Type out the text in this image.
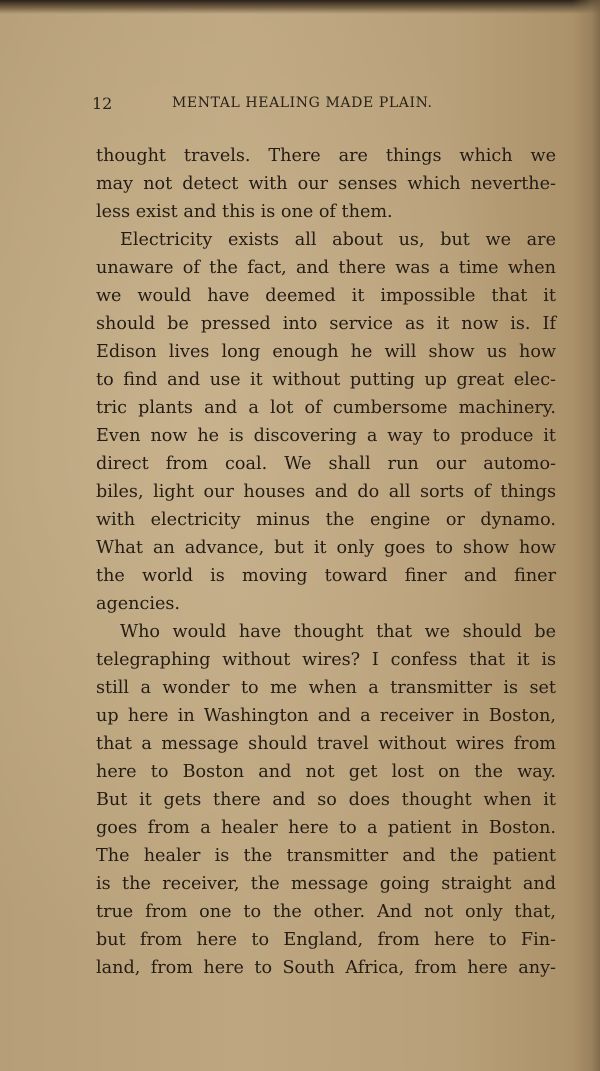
12	MENTAL HEALING MADE PLAIN.
thought travels. There are things which we
may not detect with our senses which neverthe-
less exist and this is one of them.
Electricity exists all about us, but we are
unaware of the fact, and there was a time when
we would have deemed it impossible that it
should be pressed into service as it now is. If
Edison lives long enough he will show us how
to find and use it without putting up great elec-
tric plants and a lot of cumbersome machinery.
Even now he is discovering a way to produce it
direct from coal. We shall run our automo-
biles, light our houses and do all sorts of things
with electricity minus the engine or dynamo.
What an advance, but it only goes to show how
the world is moving toward finer and finer
agencies.
Who would have thought that we should be
telegraphing without wires? I confess that it is
still a wonder to me when a transmitter is set
up here in Washington and a receiver in Boston,
that a message should travel without wires from
here to Boston and not get lost on the way.
But it gets there and so does thought when it
goes from a healer here to a patient in Boston.
The healer is the transmitter and the patient
is the receiver, the message going straight and
true from one to the other. And not only that,
but from here to England, from here to Fin-
land, from here to South Africa, from here any-
